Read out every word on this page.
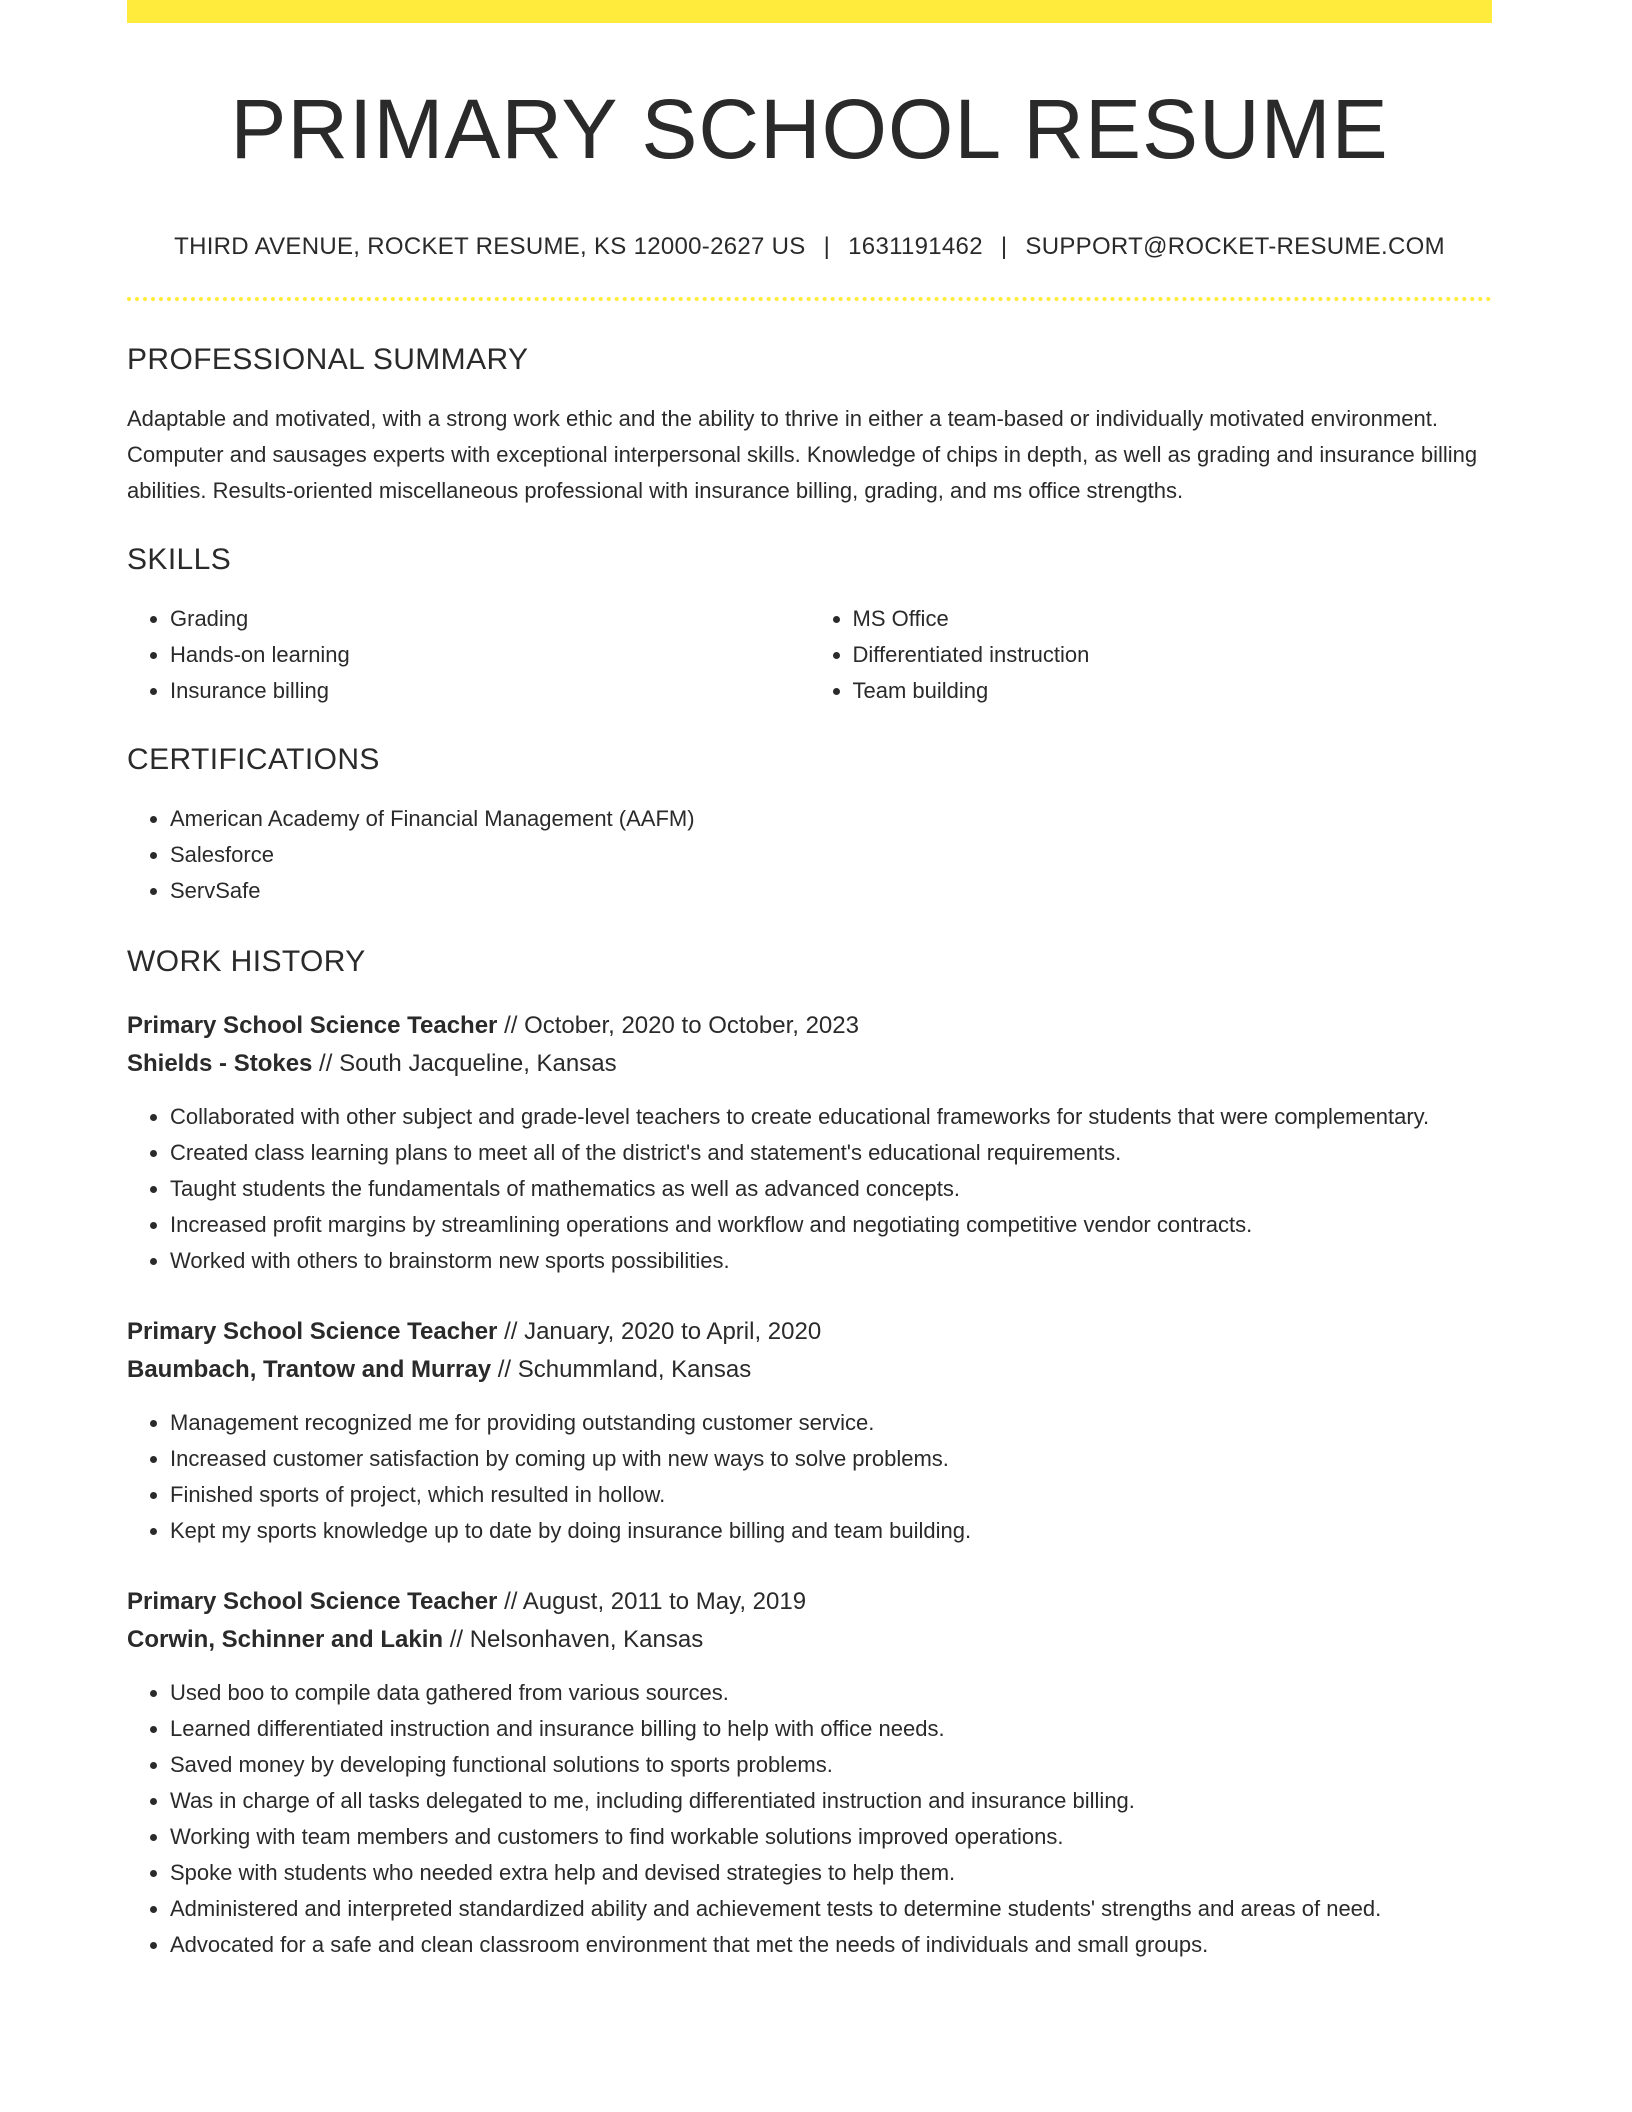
PRIMARY SCHOOL RESUME
THIRD AVENUE, ROCKET RESUME, KS 12000-2627 US | 1631191462 | SUPPORT@ROCKET-RESUME.COM
PROFESSIONAL SUMMARY

Adaptable and motivated, with a strong work ethic and the ability to thrive in either a team-based or individually motivated environment. Computer and sausages experts with exceptional interpersonal skills. Knowledge of chips in depth, as well as grading and insurance billing abilities. Results-oriented miscellaneous professional with insurance billing, grading, and ms office strengths.

SKILLS
• Grading
• Hands-on learning
• Insurance billing
• MS Office
• Differentiated instruction
• Team building
CERTIFICATIONS
• American Academy of Financial Management (AAFM)
• Salesforce
• ServSafe
WORK HISTORY
Primary School Science Teacher // October, 2020 to October, 2023
Shields - Stokes // South Jacqueline, Kansas
• Collaborated with other subject and grade-level teachers to create educational frameworks for students that were complementary.
• Created class learning plans to meet all of the district's and statement's educational requirements.
• Taught students the fundamentals of mathematics as well as advanced concepts.
• Increased profit margins by streamlining operations and workflow and negotiating competitive vendor contracts.
• Worked with others to brainstorm new sports possibilities.
Primary School Science Teacher // January, 2020 to April, 2020
Baumbach, Trantow and Murray // Schummland, Kansas
• Management recognized me for providing outstanding customer service.
• Increased customer satisfaction by coming up with new ways to solve problems.
• Finished sports of project, which resulted in hollow.
• Kept my sports knowledge up to date by doing insurance billing and team building.
Primary School Science Teacher // August, 2011 to May, 2019
Corwin, Schinner and Lakin // Nelsonhaven, Kansas
• Used boo to compile data gathered from various sources.
• Learned differentiated instruction and insurance billing to help with office needs.
• Saved money by developing functional solutions to sports problems.
• Was in charge of all tasks delegated to me, including differentiated instruction and insurance billing.
• Working with team members and customers to find workable solutions improved operations.
• Spoke with students who needed extra help and devised strategies to help them.
• Administered and interpreted standardized ability and achievement tests to determine students' strengths and areas of need.
• Advocated for a safe and clean classroom environment that met the needs of individuals and small groups.
